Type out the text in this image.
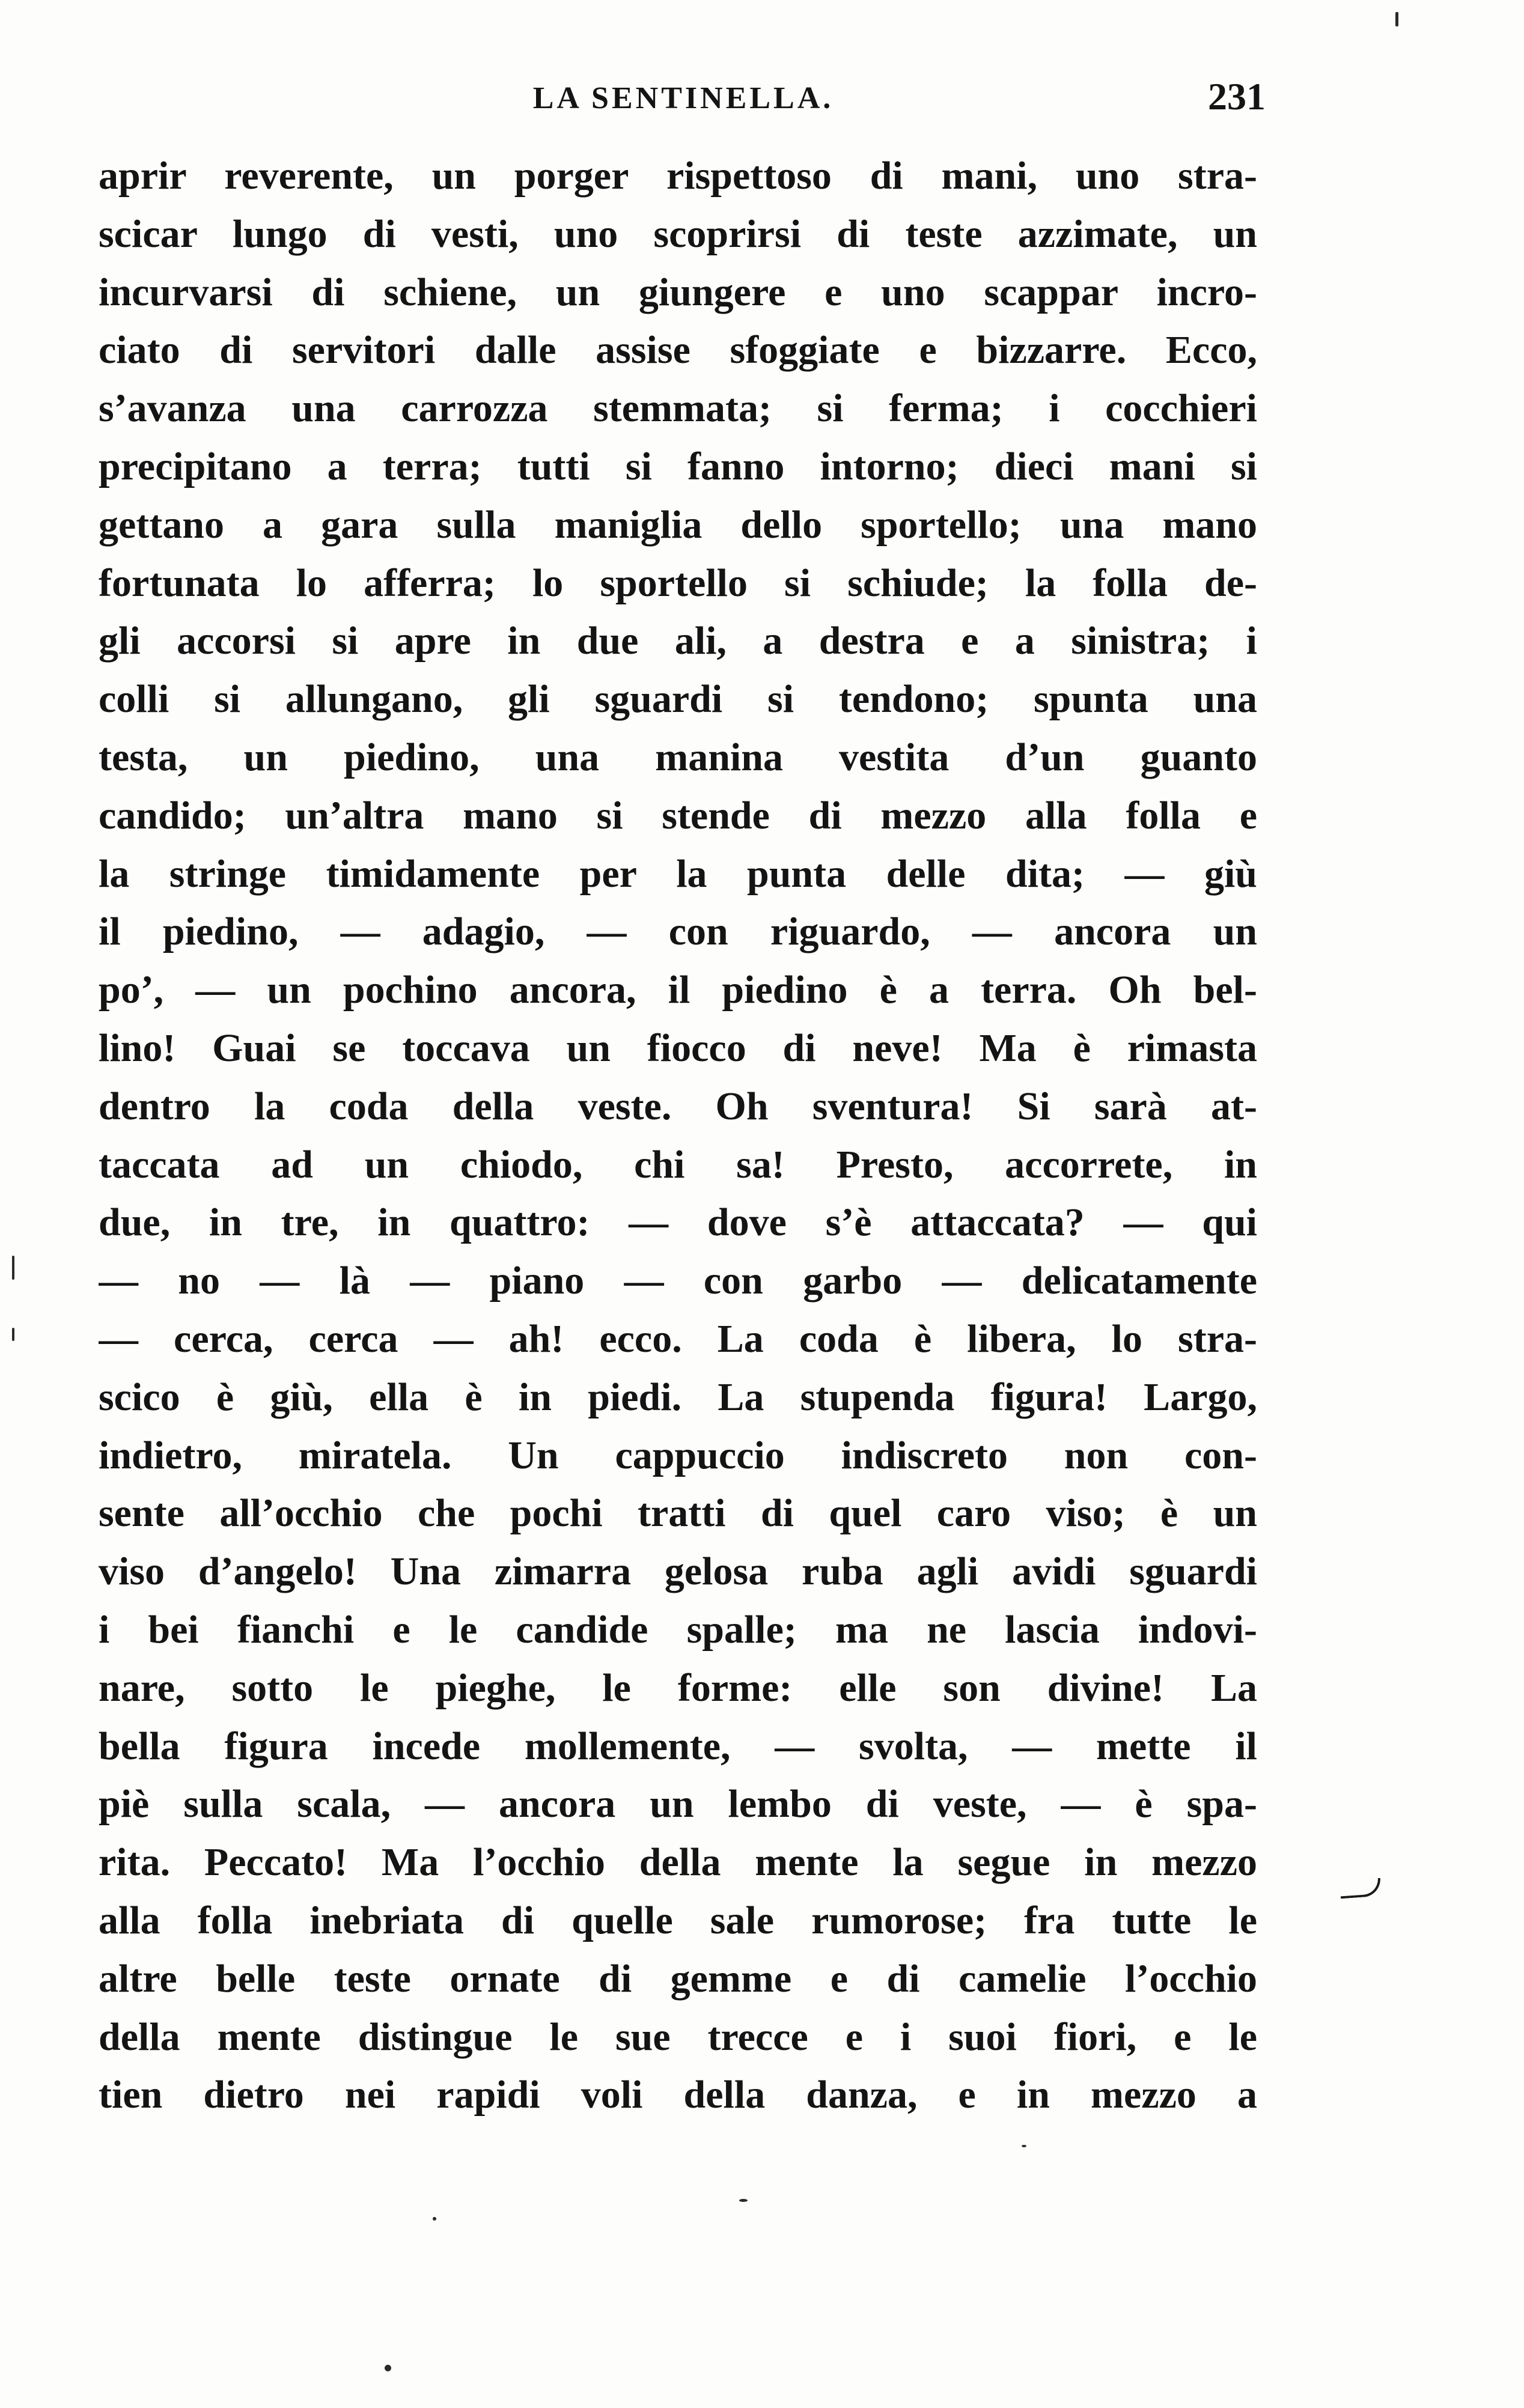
LA SENTINELLA.	231
aprir reverente, un porger rispettoso di mani, uno stra-
scicar lungo di vesti, uno scoprirsi di teste azzimate, un
incurvarsi di schiene, un giungere e uno scappar incro-
ciato di servitori dalle assise sfoggiate e bizzarre. Ecco,
s’avanza una carrozza stemmata; si ferma; i cocchieri
precipitano a terra; tutti si fanno intorno; dieci mani si
gettano a gara sulla maniglia dello sportello; una mano
fortunata lo afferra; lo sportello si schiude; la folla de-
gli accorsi si apre in due ali, a destra e a sinistra; i
colli si allungano, gli sguardi si tendono; spunta una
testa, un piedino, una manina vestita d’un guanto
candido; un’altra mano si stende di mezzo alla folla e
la stringe timidamente per la punta delle dita; — giù
il piedino, — adagio, — con riguardo, — ancora un
po’, — un pochino ancora, il piedino è a terra. Oh bel-
lino! Guai se toccava un fiocco di neve! Ma è rimasta
dentro la coda della veste. Oh sventura! Si sarà at-
taccata ad un chiodo, chi sa! Presto, accorrete, in
due, in tre, in quattro: — dove s’è attaccata? — qui
— no — là — piano — con garbo — delicatamente
— cerca, cerca — ah! ecco. La coda è libera, lo stra-
scico è giù, ella è in piedi. La stupenda figura! Largo,
indietro, miratela. Un cappuccio indiscreto non con-
sente all’occhio che pochi tratti di quel caro viso; è un
viso d’angelo! Una zimarra gelosa ruba agli avidi sguardi
i bei fianchi e le candide spalle; ma ne lascia indovi-
nare, sotto le pieghe, le forme: elle son divine! La
bella figura incede mollemente, — svolta, — mette il
piè sulla scala, — ancora un lembo di veste, — è spa-
rita. Peccato! Ma l’occhio della mente la segue in mezzo
alla folla inebriata di quelle sale rumorose; fra tutte le
altre belle teste ornate di gemme e di camelie l’occhio
della mente distingue le sue trecce e i suoi fiori, e le
tien dietro nei rapidi voli della danza, e in mezzo a
